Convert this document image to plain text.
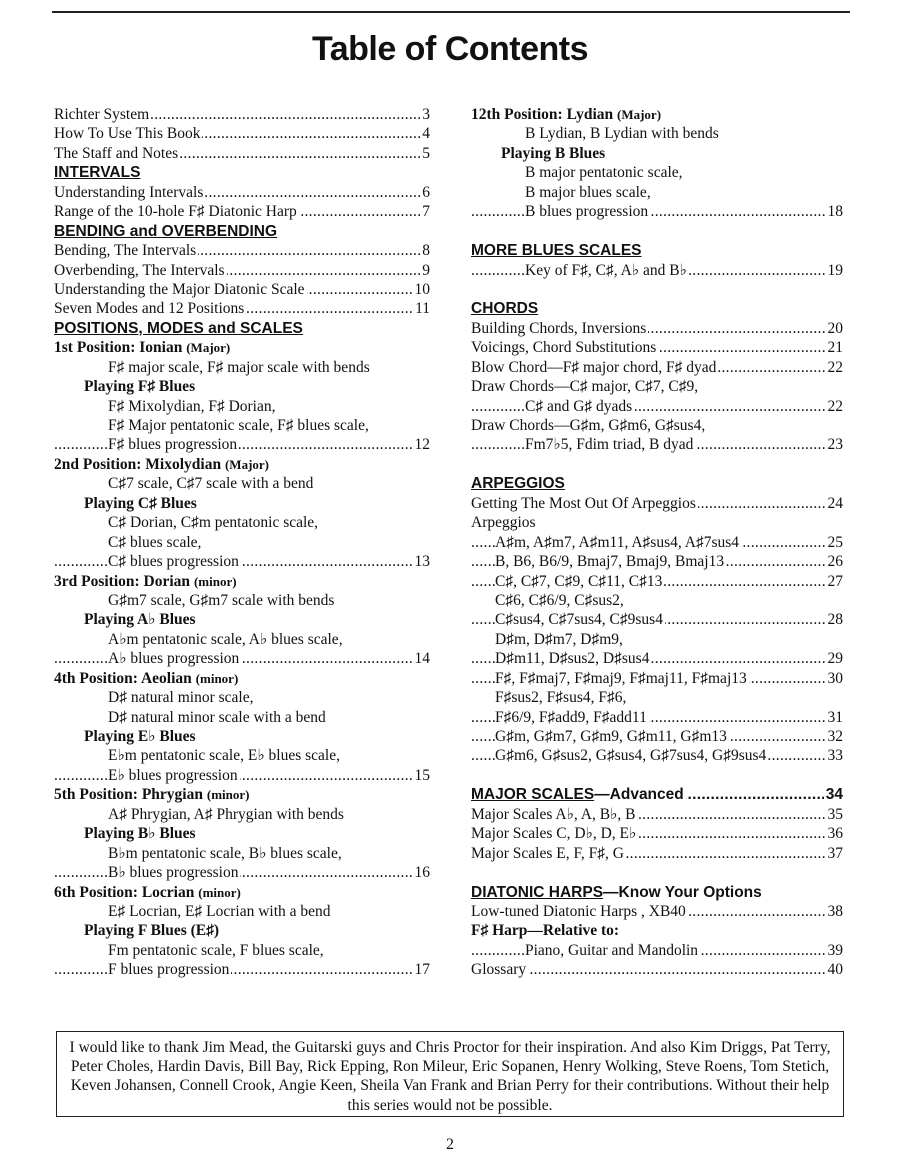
Table of Contents
..... Richter System	3
..... How To Use This Book	4
..... The Staff and Notes	5
INTERVALS
..... Understanding Intervals	6
..... Range of the 10-hole F♯ Diatonic Harp	7
BENDING and OVERBENDING
..... Bending, The Intervals	8
..... Overbending, The Intervals	9
..... Understanding the Major Diatonic Scale	10
..... Seven Modes and 12 Positions	11
POSITIONS, MODES and SCALES
1st Position: Ionian (Major)
F♯ major scale, F♯ major scale with bends
Playing F♯ Blues
F♯ Mixolydian, F♯ Dorian,
F♯ Major pentatonic scale, F♯ blues scale,
..... F♯ blues progression	12
2nd Position: Mixolydian (Major)
C♯7 scale, C♯7 scale with a bend
Playing C♯ Blues
C♯ Dorian, C♯m pentatonic scale,
C♯ blues scale,
..... C♯ blues progression	13
3rd Position: Dorian (minor)
G♯m7 scale, G♯m7 scale with bends
Playing A♭ Blues
A♭m pentatonic scale, A♭ blues scale,
..... A♭ blues progression	14
4th Position: Aeolian (minor)
D♯ natural minor scale,
D♯ natural minor scale with a bend
Playing E♭ Blues
E♭m pentatonic scale, E♭ blues scale,
..... E♭ blues progression	15
5th Position: Phrygian (minor)
A♯ Phrygian, A♯ Phrygian with bends
Playing B♭ Blues
B♭m pentatonic scale, B♭ blues scale,
..... B♭ blues progression	16
6th Position: Locrian (minor)
E♯ Locrian, E♯ Locrian with a bend
Playing F Blues (E♯)
Fm pentatonic scale, F blues scale,
..... F blues progression	17
12th Position: Lydian (Major)
B Lydian, B Lydian with bends
Playing B Blues
B major pentatonic scale,
B major blues scale,
..... B blues progression	18
MORE BLUES SCALES
..... Key of F♯, C♯, A♭ and B♭	19
CHORDS
..... Building Chords, Inversions	20
..... Voicings, Chord Substitutions	21
..... Blow Chord—F♯ major chord, F♯ dyad	22
Draw Chords—C♯ major, C♯7, C♯9,
..... C♯ and G♯ dyads	22
Draw Chords—G♯m, G♯m6, G♯sus4,
..... Fm7♭5, Fdim triad, B dyad	23
ARPEGGIOS
..... Getting The Most Out Of Arpeggios	24
Arpeggios
..... A♯m, A♯m7, A♯m11, A♯sus4, A♯7sus4	25
..... B, B6, B6/9, Bmaj7, Bmaj9, Bmaj13	26
..... C♯, C♯7, C♯9, C♯11, C♯13	27
C♯6, C♯6/9, C♯sus2,
..... C♯sus4, C♯7sus4, C♯9sus4	28
D♯m, D♯m7, D♯m9,
..... D♯m11, D♯sus2, D♯sus4	29
..... F♯, F♯maj7, F♯maj9, F♯maj11, F♯maj13	30
F♯sus2, F♯sus4, F♯6,
..... F♯6/9, F♯add9, F♯add11	31
..... G♯m, G♯m7, G♯m9, G♯m11, G♯m13	32
..... G♯m6, G♯sus2, G♯sus4, G♯7sus4, G♯9sus4	33
..... MAJOR SCALES—Advanced	34
..... Major Scales A♭, A, B♭, B	35
..... Major Scales C, D♭, D, E♭	36
..... Major Scales E, F, F♯, G	37
DIATONIC HARPS—Know Your Options
..... Low-tuned Diatonic Harps , XB40	38
F♯ Harp—Relative to:
..... Piano, Guitar and Mandolin	39
..... Glossary	40
I would like to thank Jim Mead, the Guitarski guys and Chris Proctor for their inspiration. And also Kim Driggs, Pat Terry, Peter Choles, Hardin Davis, Bill Bay, Rick Epping, Ron Mileur, Eric Sopanen, Henry Wolking, Steve Roens, Tom Stetich, Keven Johansen, Connell Crook, Angie Keen, Sheila Van Frank and Brian Perry for their contributions. Without their help this series would not be possible.
2
